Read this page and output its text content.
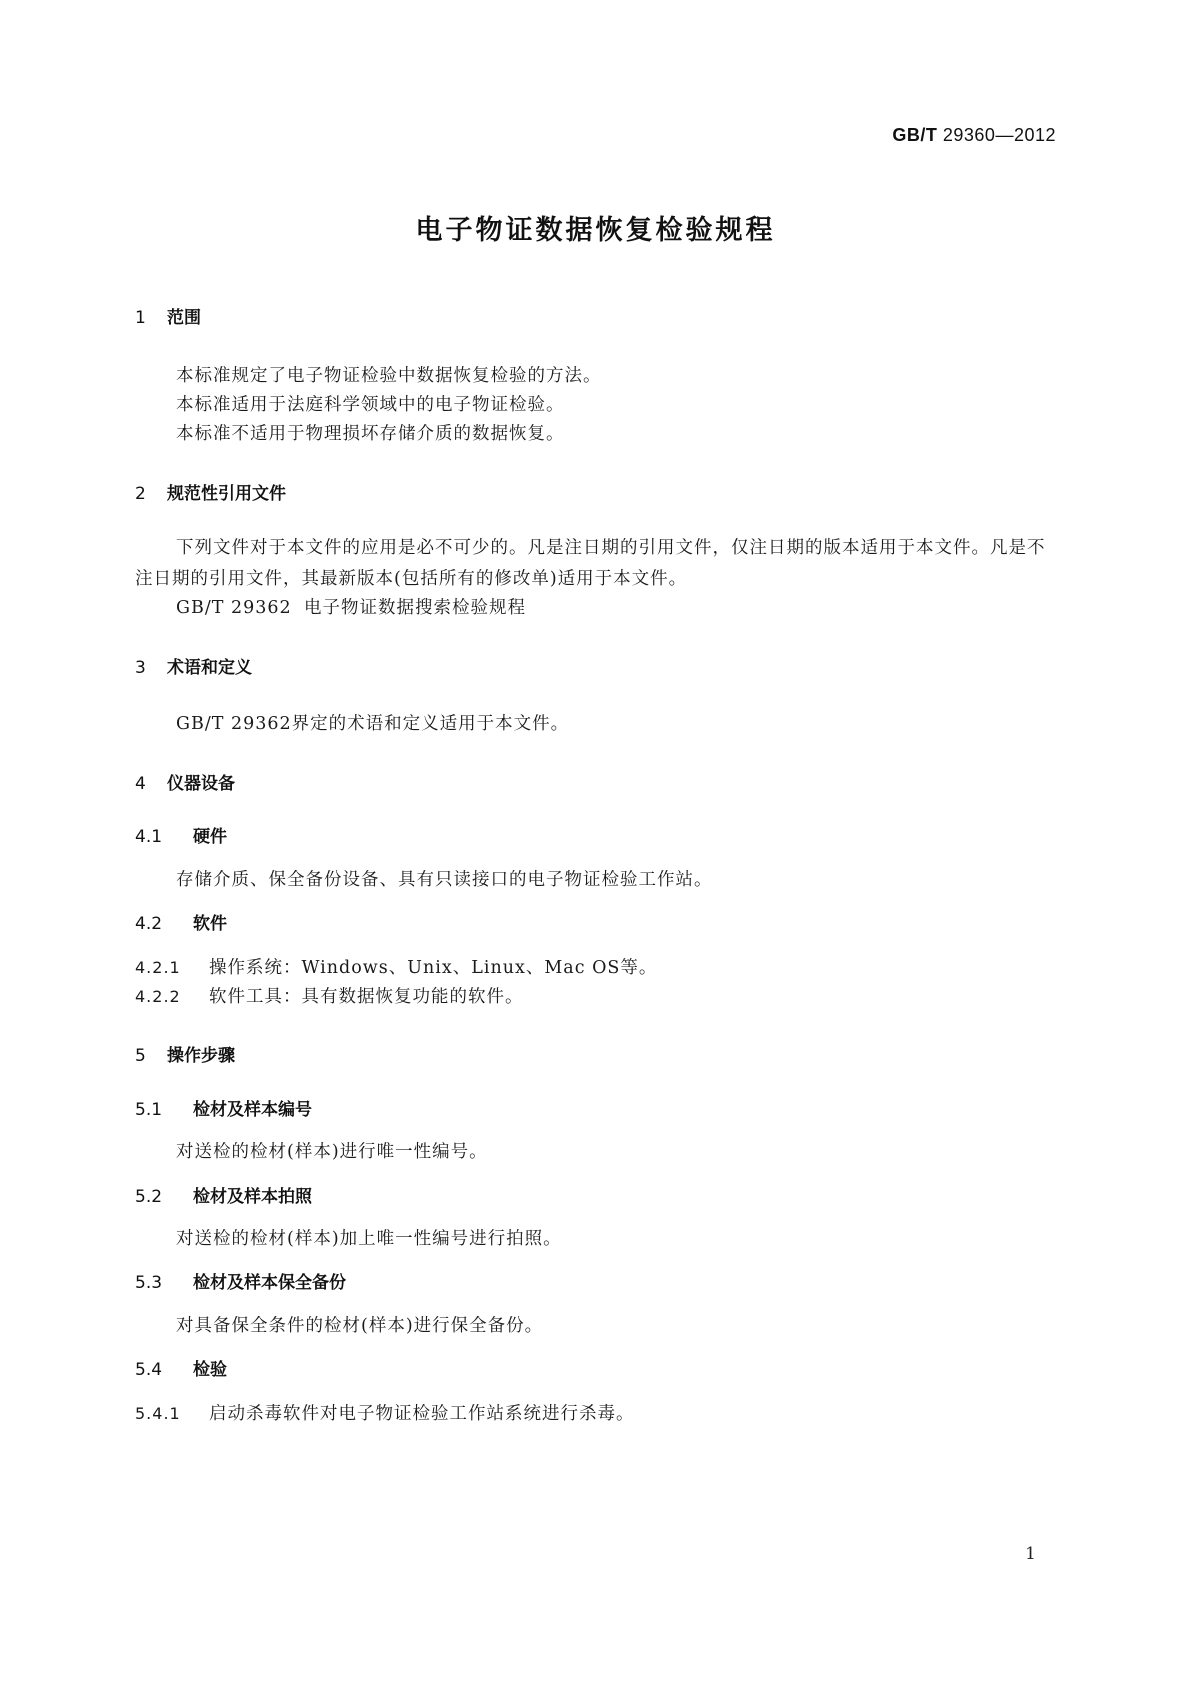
GB/T 29360—2012
电子物证数据恢复检验规程
1 范围
本标准规定了电子物证检验中数据恢复检验的方法。
本标准适用于法庭科学领域中的电子物证检验。
本标准不适用于物理损坏存储介质的数据恢复。
2 规范性引用文件
下列文件对于本文件的应用是必不可少的。凡是注日期的引用文件，仅注日期的版本适用于本文件。凡是不注日期的引用文件，其最新版本(包括所有的修改单)适用于本文件。
GB/T 29362 电子物证数据搜索检验规程
3 术语和定义
GB/T 29362界定的术语和定义适用于本文件。
4 仪器设备
4.1 硬件
存储介质、保全备份设备、具有只读接口的电子物证检验工作站。
4.2 软件
4.2.1 操作系统：Windows、Unix、Linux、Mac OS等。
4.2.2 软件工具：具有数据恢复功能的软件。
5 操作步骤
5.1 检材及样本编号
对送检的检材(样本)进行唯一性编号。
5.2 检材及样本拍照
对送检的检材(样本)加上唯一性编号进行拍照。
5.3 检材及样本保全备份
对具备保全条件的检材(样本)进行保全备份。
5.4 检验
5.4.1 启动杀毒软件对电子物证检验工作站系统进行杀毒。
1
